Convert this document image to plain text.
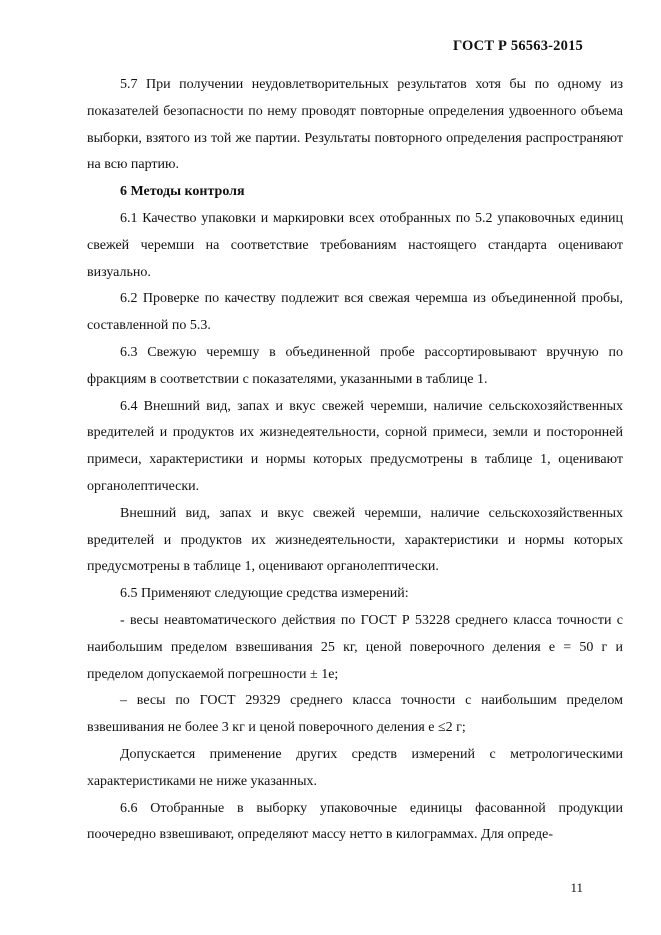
ГОСТ Р 56563-2015

5.7 При получении неудовлетворительных результатов хотя бы по одному из показателей безопасности по нему проводят повторные определения удвоенного объема выборки, взятого из той же партии. Результаты повторного определения распространяют на всю партию.

6 Методы контроля

6.1 Качество упаковки и маркировки всех отобранных по 5.2 упаковочных единиц свежей черемши на соответствие требованиям настоящего стандарта оценивают визуально.

6.2 Проверке по качеству подлежит вся свежая черемша из объединенной пробы, составленной по 5.3.

6.3 Свежую черемшу в объединенной пробе рассортировывают вручную по фракциям в соответствии с показателями, указанными в таблице 1.

6.4 Внешний вид, запах и вкус свежей черемши, наличие сельскохозяйственных вредителей и продуктов их жизнедеятельности, сорной примеси, земли и посторонней примеси, характеристики и нормы которых предусмотрены в таблице 1, оценивают органолептически.

Внешний вид, запах и вкус свежей черемши, наличие сельскохозяйственных вредителей и продуктов их жизнедеятельности, характеристики и нормы которых предусмотрены в таблице 1, оценивают органолептически.

6.5 Применяют следующие средства измерений:

- весы неавтоматического действия по ГОСТ Р 53228 среднего класса точности с наибольшим пределом взвешивания 25 кг, ценой поверочного деления e = 50 г и пределом допускаемой погрешности ± 1е;

– весы по ГОСТ 29329 среднего класса точности с наибольшим пределом взвешивания не более 3 кг и ценой поверочного деления e ≤2 г;

Допускается применение других средств измерений с метрологическими характеристиками не ниже указанных.

6.6 Отобранные в выборку упаковочные единицы фасованной продукции поочередно взвешивают, определяют массу нетто в килограммах. Для опреде-

11
